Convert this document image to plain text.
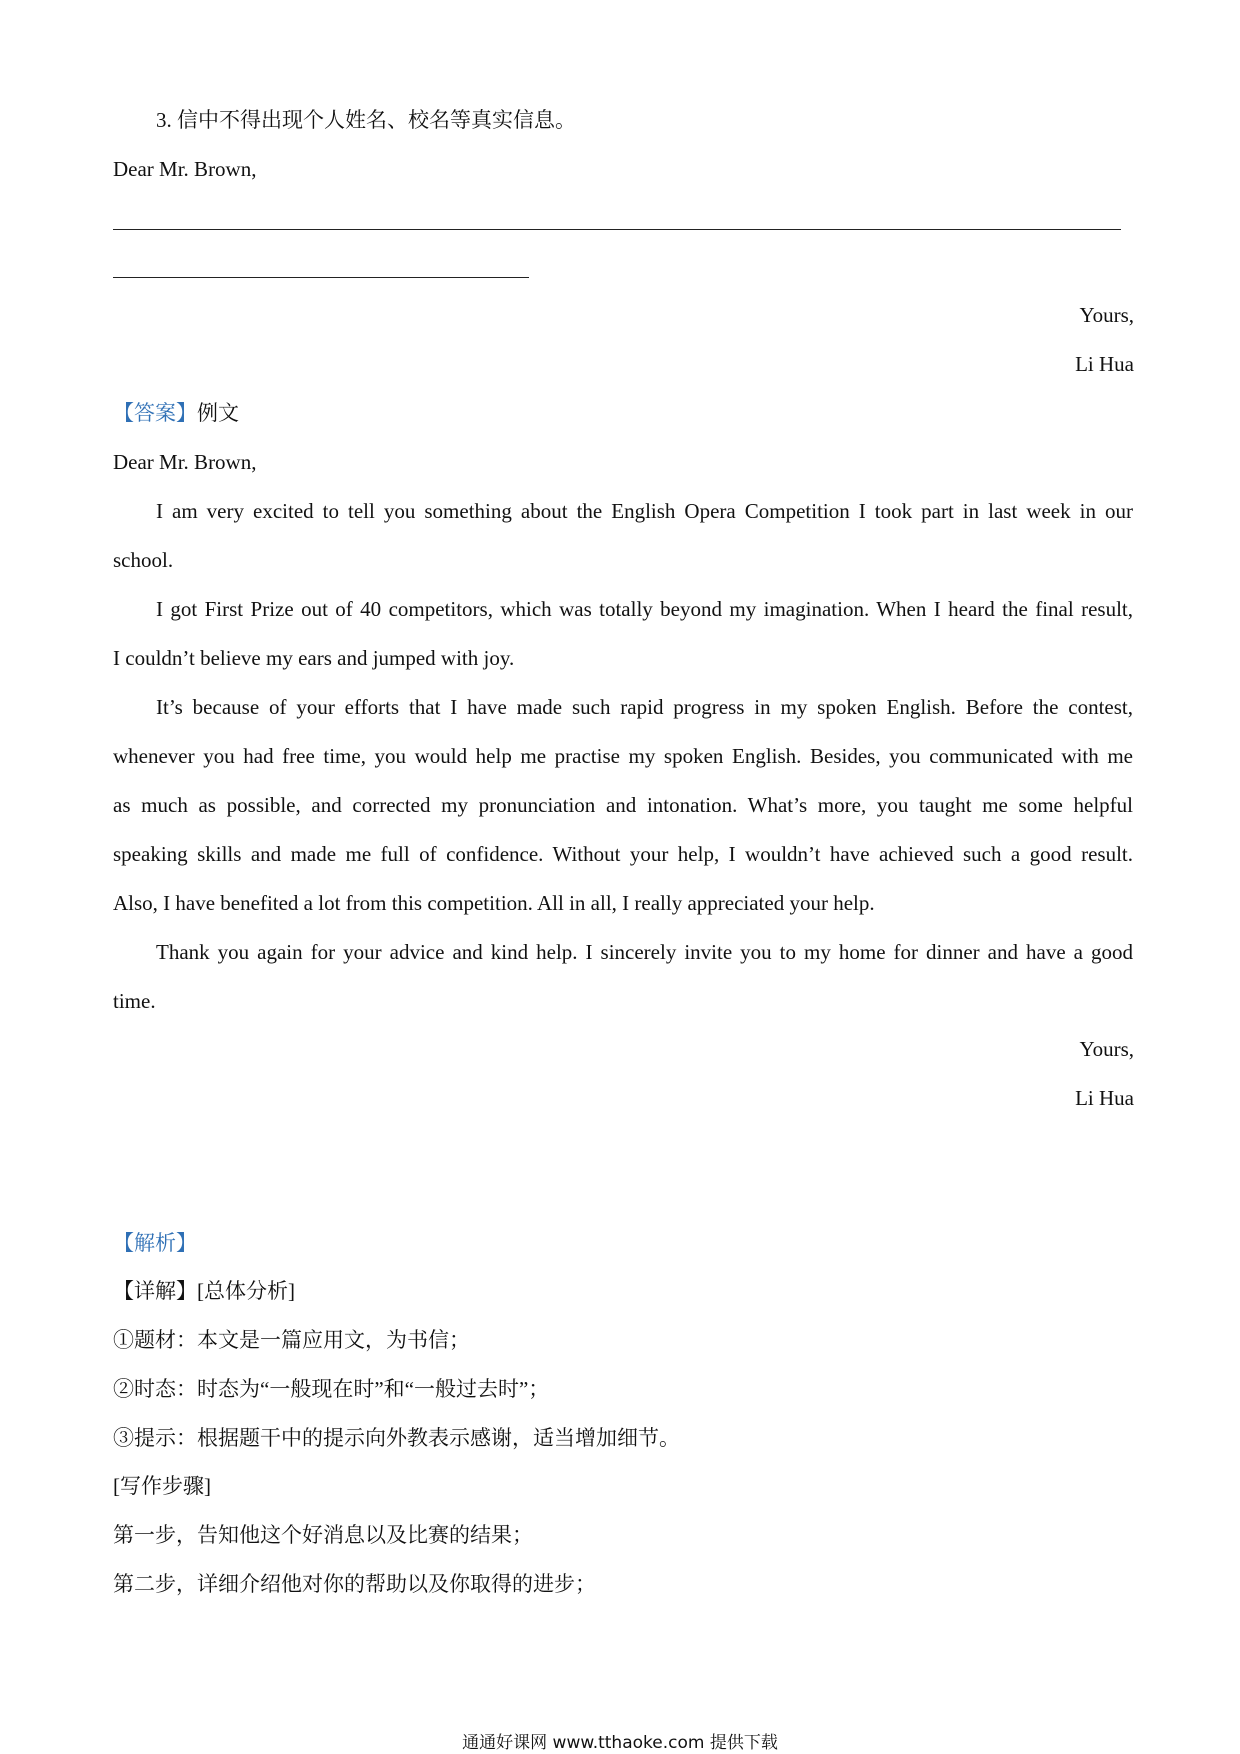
3. 信中不得出现个人姓名、校名等真实信息。
Dear Mr. Brown,
Yours,
Li Hua
【答案】例文
Dear Mr. Brown,
I am very excited to tell you something about the English Opera Competition I took part in last week in our
school.
I got First Prize out of 40 competitors, which was totally beyond my imagination. When I heard the final result,
I couldn’t believe my ears and jumped with joy.
It’s because of your efforts that I have made such rapid progress in my spoken English. Before the contest,
whenever you had free time, you would help me practise my spoken English. Besides, you communicated with me
as much as possible, and corrected my pronunciation and intonation. What’s more, you taught me some helpful
speaking skills and made me full of confidence. Without your help, I wouldn’t have achieved such a good result.
Also, I have benefited a lot from this competition. All in all, I really appreciated your help.
Thank you again for your advice and kind help. I sincerely invite you to my home for dinner and have a good
time.
Yours,
Li Hua
【解析】
【详解】[总体分析]
①题材：本文是一篇应用文，为书信；
②时态：时态为“一般现在时”和“一般过去时”；
③提示：根据题干中的提示向外教表示感谢，适当增加细节。
[写作步骤]
第一步，告知他这个好消息以及比赛的结果；
第二步，详细介绍他对你的帮助以及你取得的进步；
通通好课网 www.tthaoke.com 提供下载
